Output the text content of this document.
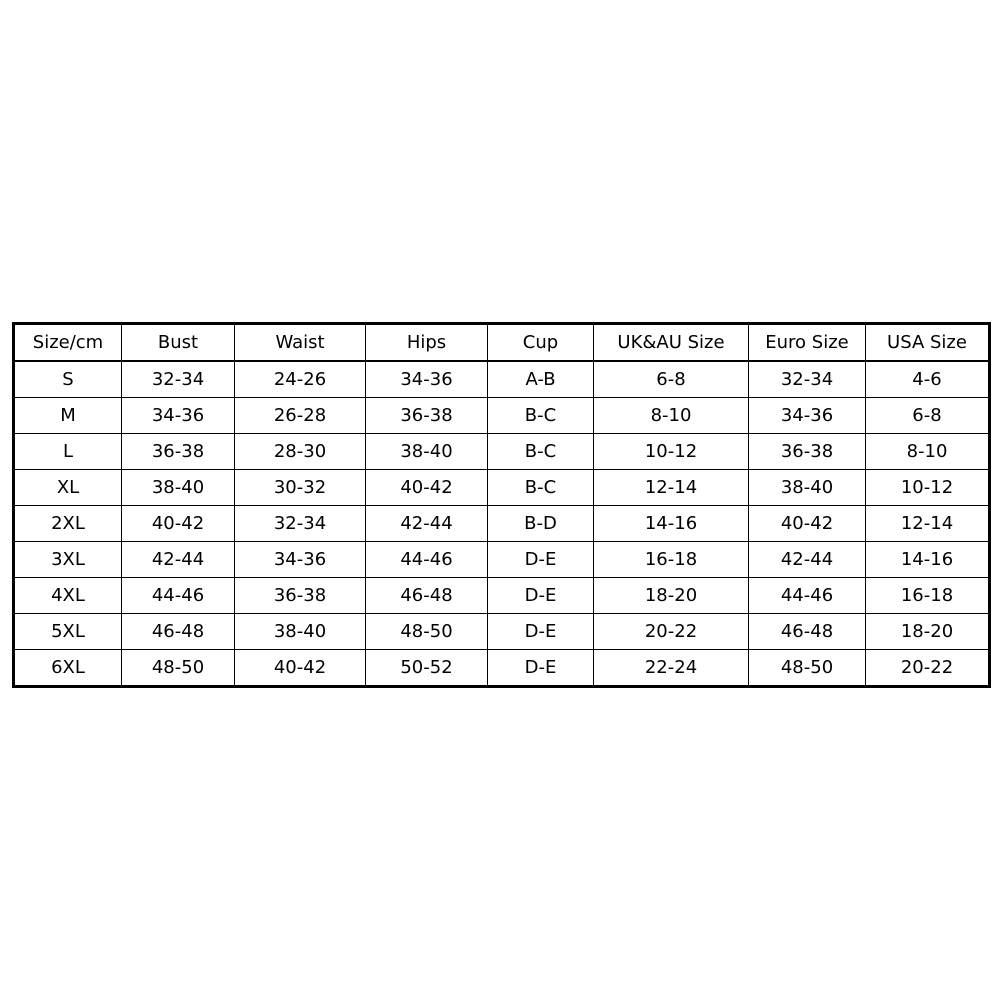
Size/cm	Bust	Waist	Hips	Cup	UK&AU Size	Euro Size	USA Size
S	32-34	24-26	34-36	A-B	6-8	32-34	4-6
M	34-36	26-28	36-38	B-C	8-10	34-36	6-8
L	36-38	28-30	38-40	B-C	10-12	36-38	8-10
XL	38-40	30-32	40-42	B-C	12-14	38-40	10-12
2XL	40-42	32-34	42-44	B-D	14-16	40-42	12-14
3XL	42-44	34-36	44-46	D-E	16-18	42-44	14-16
4XL	44-46	36-38	46-48	D-E	18-20	44-46	16-18
5XL	46-48	38-40	48-50	D-E	20-22	46-48	18-20
6XL	48-50	40-42	50-52	D-E	22-24	48-50	20-22
